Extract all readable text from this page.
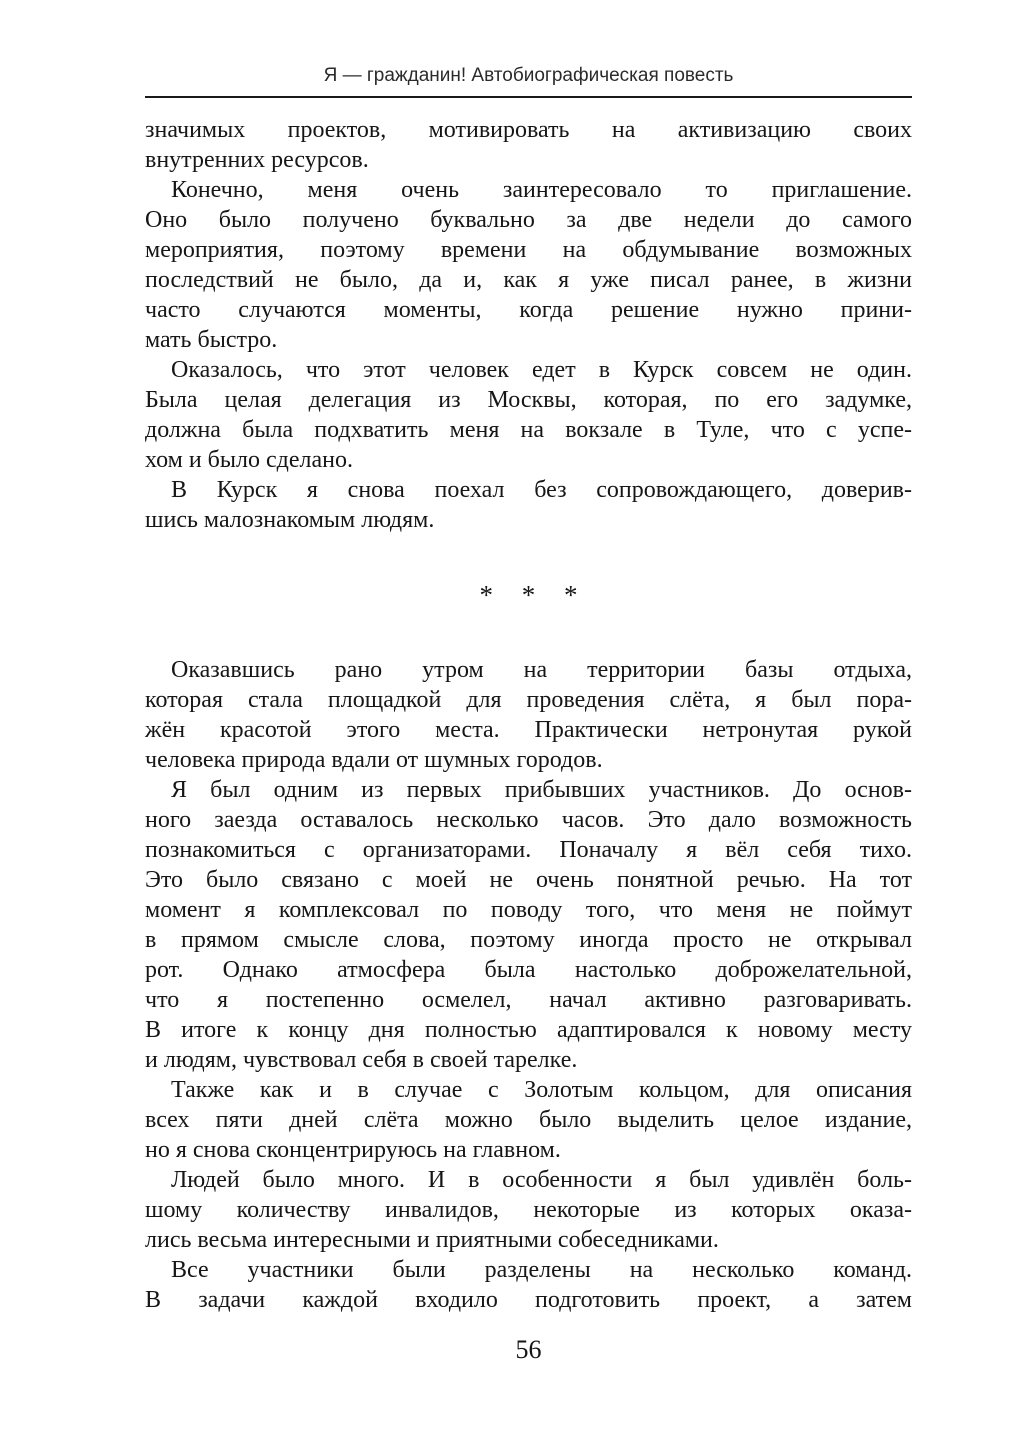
Я — гражданин! Автобиографическая повесть

значимых проектов, мотивировать на активизацию своих
внутренних ресурсов.

Конечно, меня очень заинтересовало то приглашение.
Оно было получено буквально за две недели до самого
мероприятия, поэтому времени на обдумывание возможных
последствий не было, да и, как я уже писал ранее, в жизни
часто случаются моменты, когда решение нужно прини-
мать быстро.

Оказалось, что этот человек едет в Курск совсем не один.
Была целая делегация из Москвы, которая, по его задумке,
должна была подхватить меня на вокзале в Туле, что с успе-
хом и было сделано.

В Курск я снова поехал без сопровождающего, доверив-
шись малознакомым людям.

* * *

Оказавшись рано утром на территории базы отдыха,
которая стала площадкой для проведения слёта, я был пора-
жён красотой этого места. Практически нетронутая рукой
человека природа вдали от шумных городов.

Я был одним из первых прибывших участников. До основ-
ного заезда оставалось несколько часов. Это дало возможность
познакомиться с организаторами. Поначалу я вёл себя тихо.
Это было связано с моей не очень понятной речью. На тот
момент я комплексовал по поводу того, что меня не поймут
в прямом смысле слова, поэтому иногда просто не открывал
рот. Однако атмосфера была настолько доброжелательной,
что я постепенно осмелел, начал активно разговаривать.
В итоге к концу дня полностью адаптировался к новому месту
и людям, чувствовал себя в своей тарелке.

Также как и в случае с Золотым кольцом, для описания
всех пяти дней слёта можно было выделить целое издание,
но я снова сконцентрируюсь на главном.

Людей было много. И в особенности я был удивлён боль-
шому количеству инвалидов, некоторые из которых оказа-
лись весьма интересными и приятными собеседниками.

Все участники были разделены на несколько команд.
В задачи каждой входило подготовить проект, а затем

56
